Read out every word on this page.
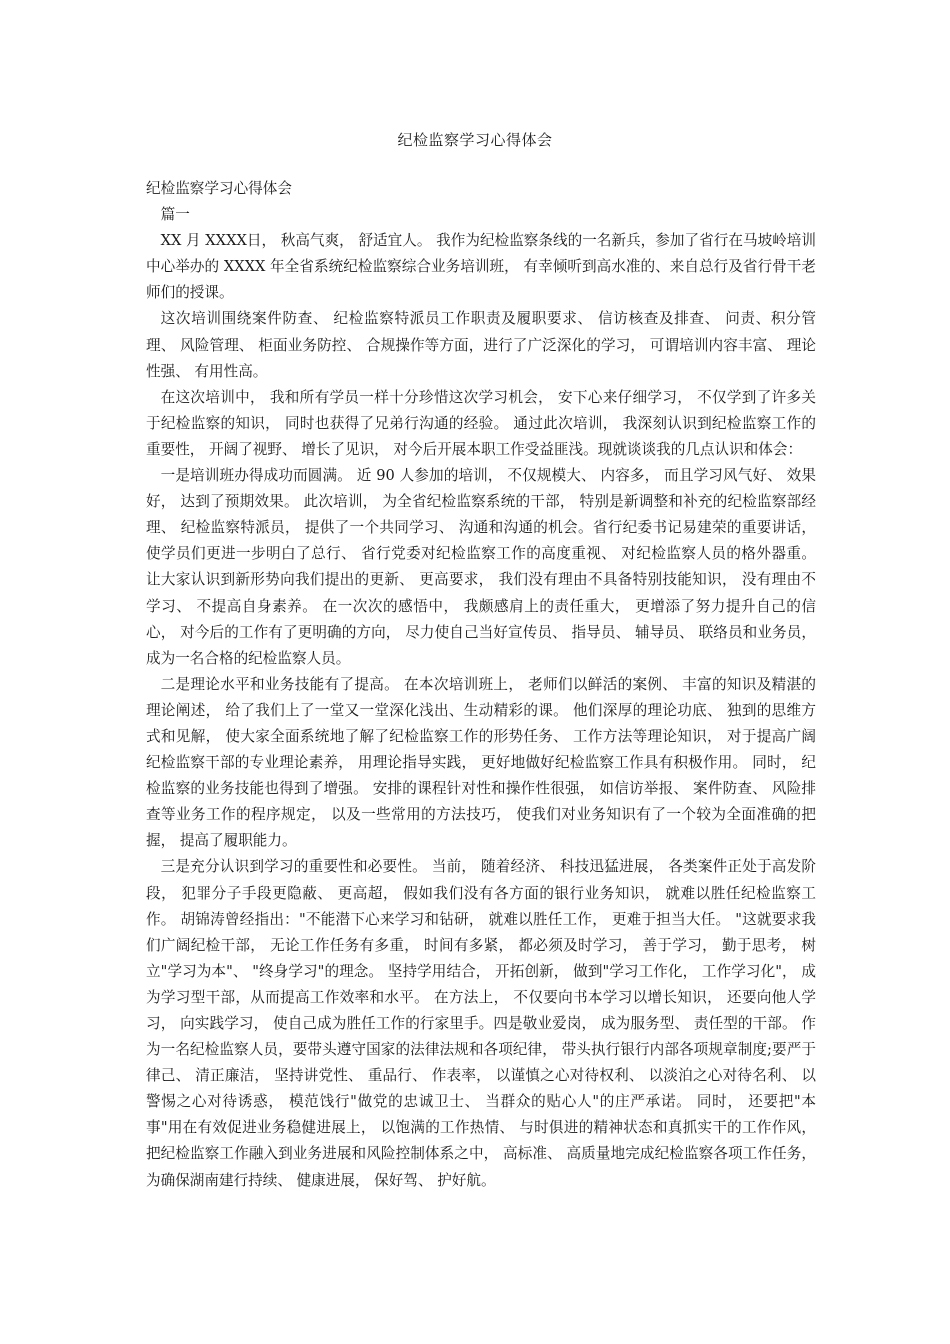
纪检监察学习心得体会

纪检监察学习心得体会

篇一

XX 月 XXXX日， 秋高气爽， 舒适宜人。 我作为纪检监察条线的一名新兵，参加了省行在马坡岭培训中心举办的 XXXX 年全省系统纪检监察综合业务培训班， 有幸倾听到高水准的、来自总行及省行骨干老师们的授课。

这次培训围绕案件防查、 纪检监察特派员工作职责及履职要求、 信访核查及排查、 问责、积分管理、 风险管理、 柜面业务防控、 合规操作等方面，进行了广泛深化的学习， 可谓培训内容丰富、 理论性强、 有用性高。

在这次培训中， 我和所有学员一样十分珍惜这次学习机会， 安下心来仔细学习， 不仅学到了许多关于纪检监察的知识， 同时也获得了兄弟行沟通的经验。 通过此次培训， 我深刻认识到纪检监察工作的重要性， 开阔了视野、 增长了见识， 对今后开展本职工作受益匪浅。现就谈谈我的几点认识和体会：

一是培训班办得成功而圆满。 近 90 人参加的培训， 不仅规模大、 内容多， 而且学习风气好、 效果好， 达到了预期效果。 此次培训， 为全省纪检监察系统的干部， 特别是新调整和补充的纪检监察部经理、 纪检监察特派员， 提供了一个共同学习、 沟通和沟通的机会。省行纪委书记易建荣的重要讲话， 使学员们更进一步明白了总行、 省行党委对纪检监察工作的高度重视、 对纪检监察人员的格外器重。 让大家认识到新形势向我们提出的更新、 更高要求， 我们没有理由不具备特别技能知识， 没有理由不学习、 不提高自身素养。 在一次次的感悟中， 我颇感肩上的责任重大， 更增添了努力提升自己的信心， 对今后的工作有了更明确的方向， 尽力使自己当好宣传员、 指导员、 辅导员、 联络员和业务员， 成为一名合格的纪检监察人员。

二是理论水平和业务技能有了提高。 在本次培训班上， 老师们以鲜活的案例、 丰富的知识及精湛的理论阐述， 给了我们上了一堂又一堂深化浅出、生动精彩的课。 他们深厚的理论功底、 独到的思维方式和见解， 使大家全面系统地了解了纪检监察工作的形势任务、 工作方法等理论知识， 对于提高广阔纪检监察干部的专业理论素养， 用理论指导实践， 更好地做好纪检监察工作具有积极作用。 同时， 纪检监察的业务技能也得到了增强。 安排的课程针对性和操作性很强， 如信访举报、 案件防查、 风险排查等业务工作的程序规定， 以及一些常用的方法技巧， 使我们对业务知识有了一个较为全面准确的把握， 提高了履职能力。

三是充分认识到学习的重要性和必要性。 当前， 随着经济、 科技迅猛进展， 各类案件正处于高发阶段， 犯罪分子手段更隐蔽、 更高超， 假如我们没有各方面的银行业务知识， 就难以胜任纪检监察工作。 胡锦涛曾经指出："不能潜下心来学习和钻研， 就难以胜任工作， 更难于担当大任。 "这就要求我们广阔纪检干部， 无论工作任务有多重， 时间有多紧， 都必须及时学习， 善于学习， 勤于思考， 树立"学习为本"、 "终身学习"的理念。 坚持学用结合， 开拓创新， 做到"学习工作化， 工作学习化"， 成为学习型干部，从而提高工作效率和水平。 在方法上， 不仅要向书本学习以增长知识， 还要向他人学习， 向实践学习， 使自己成为胜任工作的行家里手。四是敬业爱岗， 成为服务型、 责任型的干部。 作为一名纪检监察人员，要带头遵守国家的法律法规和各项纪律， 带头执行银行内部各项规章制度;要严于律己、 清正廉洁， 坚持讲党性、 重品行、 作表率， 以谨慎之心对待权利、 以淡泊之心对待名利、 以警惕之心对待诱惑， 模范饯行"做党的忠诚卫士、 当群众的贴心人"的庄严承诺。 同时， 还要把"本事"用在有效促进业务稳健进展上， 以饱满的工作热情、 与时俱进的精神状态和真抓实干的工作作风， 把纪检监察工作融入到业务进展和风险控制体系之中， 高标准、 高质量地完成纪检监察各项工作任务， 为确保湖南建行持续、 健康进展， 保好驾、 护好航。
